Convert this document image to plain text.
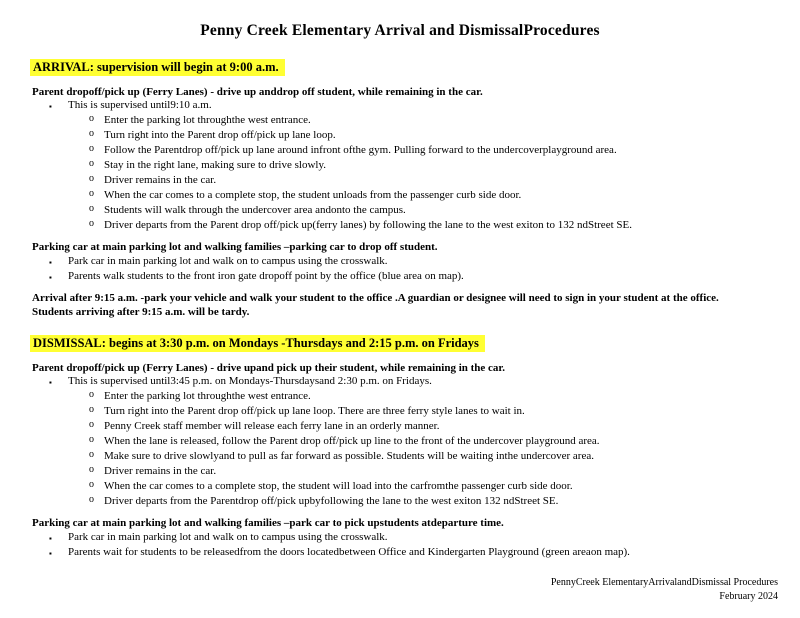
Penny Creek Elementary Arrival and DismissalProcedures
ARRIVAL: supervision will begin at 9:00 a.m.
Parent dropoff/pick up (Ferry Lanes) - drive up anddrop off student, while remaining in the car.
▪ This is supervised until9:10 a.m.
o Enter the parking lot throughthe west entrance.
o Turn right into the Parent drop off/pick up lane loop.
o Follow the Parentdrop off/pick up lane around infront ofthe gym. Pulling forward to the undercoverplayground area.
o Stay in the right lane, making sure to drive slowly.
o Driver remains in the car.
o When the car comes to a complete stop, the student unloads from the passenger curb side door.
o Students will walk through the undercover area andonto the campus.
o Driver departs from the Parent drop off/pick up(ferry lanes) by following the lane to the west exiton to 132 ndStreet SE.
Parking car at main parking lot and walking families –parking car to drop off student.
▪ Park car in main parking lot and walk on to campus using the crosswalk.
▪ Parents walk students to the front iron gate dropoff point by the office (blue area on map).
Arrival after 9:15 a.m. -park your vehicle and walk your student to the office .A guardian or designee will need to sign in your student at the office.
Students arriving after 9:15 a.m. will be tardy.
DISMISSAL: begins at 3:30 p.m. on Mondays -Thursdays and 2:15 p.m. on Fridays
Parent dropoff/pick up (Ferry Lanes) - drive upand pick up their student, while remaining in the car.
▪ This is supervised until3:45 p.m. on Mondays-Thursdaysand 2:30 p.m. on Fridays.
o Enter the parking lot throughthe west entrance.
o Turn right into the Parent drop off/pick up lane loop. There are three ferry style lanes to wait in.
o Penny Creek staff member will release each ferry lane in an orderly manner.
o When the lane is released, follow the Parent drop off/pick up line to the front of the undercover playground area.
o Make sure to drive slowlyand to pull as far forward as possible. Students will be waiting inthe undercover area.
o Driver remains in the car.
o When the car comes to a complete stop, the student will load into the carfromthe passenger curb side door.
o Driver departs from the Parentdrop off/pick upbyfollowing the lane to the west exiton 132 ndStreet SE.
Parking car at main parking lot and walking families –park car to pick upstudents atdeparture time.
▪ Park car in main parking lot and walk on to campus using the crosswalk.
▪ Parents wait for students to be releasedfrom the doors locatedbetween Office and Kindergarten Playground (green areaon map).
PennyCreek ElementaryArrivalandDismissal Procedures
February 2024
